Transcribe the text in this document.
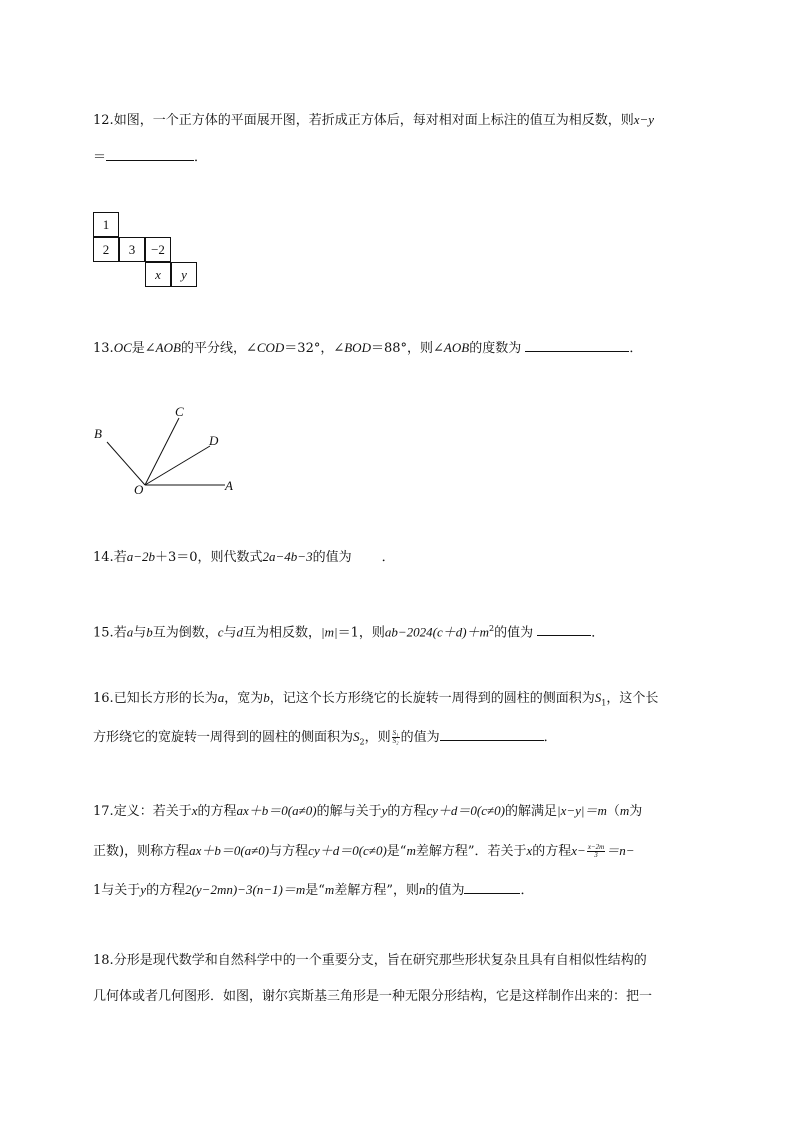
12.如图，一个正方体的平面展开图，若折成正方体后，每对相对面上标注的值互为相反数，则x−y
＝	．
1
2	3	−2
x	y
13.OC是∠AOB的平分线，∠COD＝32°，∠BOD＝88°，则∠AOB的度数为	．
A
B
C
D
O
14.若a−2b＋3＝0，则代数式2a−4b−3的值为 ．
15.若a与b互为倒数，c与d互为相反数，|m|＝1，则$ab-2024(c+d)+m^2$的值为	．
16.已知长方形的长为a，宽为b，记这个长方形绕它的长旋转一周得到的圆柱的侧面积为$S_1$，这个长
方形绕它的宽旋转一周得到的圆柱的侧面积为$S_2$，则 $\frac{\text{S₁}}{\text{S₂}}$ 的值为	．
17.定义：若关于x的方程ax＋b＝0(a≠0)的解与关于y的方程cy＋d＝0(c≠0)的解满足|x−y|＝m（m为
正数)，则称方程ax＋b＝0(a≠0)与方程cy＋d＝0(c≠0)是“m差解方程”．若关于x的方程$x- \frac{x-2m}{3} =n-$
1与关于y的方程2(y−2mn)−3(n−1)＝m是“m差解方程”，则n的值为	．
18.分形是现代数学和自然科学中的一个重要分支，旨在研究那些形状复杂且具有自相似性结构的
几何体或者几何图形．如图，谢尔宾斯基三角形是一种无限分形结构，它是这样制作出来的：把一
